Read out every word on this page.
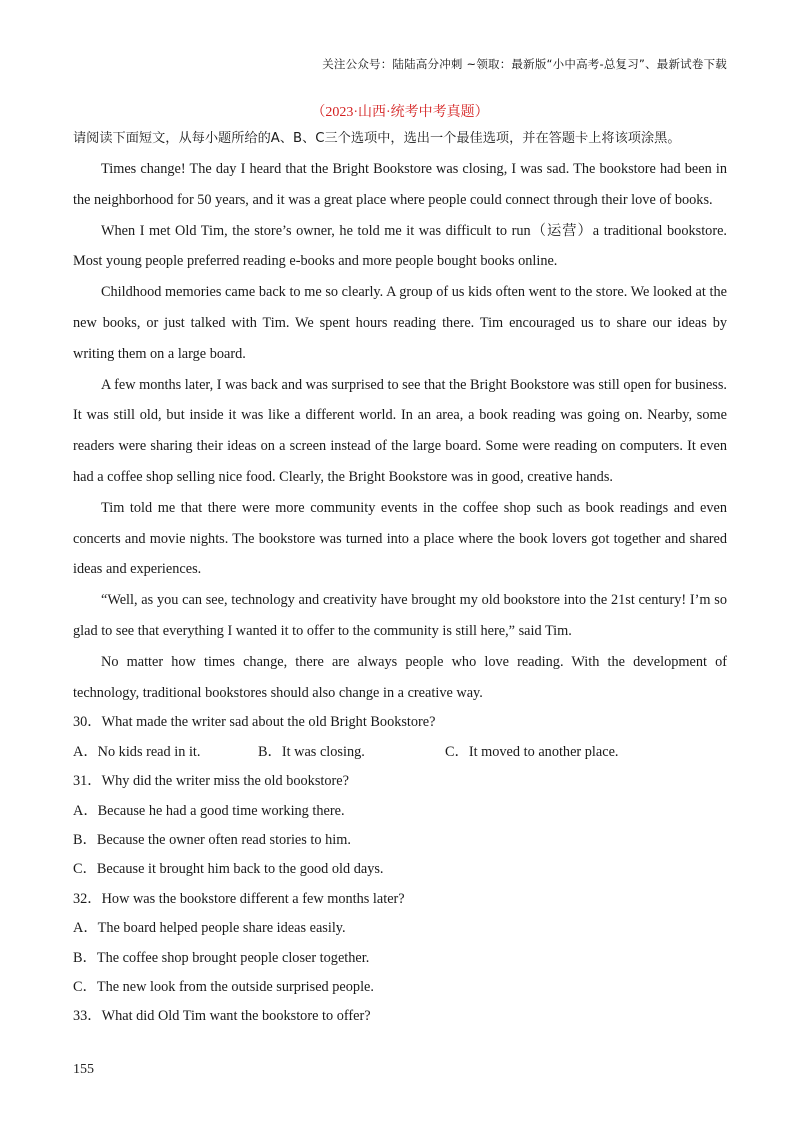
关注公众号：陆陆高分冲刺 ~领取：最新版“小中高考-总复习”、最新试卷下载
（2023·山西·统考中考真题）

请阅读下面短文，从每小题所给的A、B、C三个选项中，选出一个最佳选项，并在答题卡上将该项涂黑。

Times change! The day I heard that the Bright Bookstore was closing, I was sad. The bookstore had been in the neighborhood for 50 years, and it was a great place where people could connect through their love of books.

When I met Old Tim, the store’s owner, he told me it was difficult to run（运营）a traditional bookstore. Most young people preferred reading e-books and more people bought books online.

Childhood memories came back to me so clearly. A group of us kids often went to the store. We looked at the new books, or just talked with Tim. We spent hours reading there. Tim encouraged us to share our ideas by writing them on a large board.

A few months later, I was back and was surprised to see that the Bright Bookstore was still open for business. It was still old, but inside it was like a different world. In an area, a book reading was going on. Nearby, some readers were sharing their ideas on a screen instead of the large board. Some were reading on computers. It even had a coffee shop selling nice food. Clearly, the Bright Bookstore was in good, creative hands.

Tim told me that there were more community events in the coffee shop such as book readings and even concerts and movie nights. The bookstore was turned into a place where the book lovers got together and shared ideas and experiences.

“Well, as you can see, technology and creativity have brought my old bookstore into the 21st century! I’m so glad to see that everything I wanted it to offer to the community is still here,” said Tim.

No matter how times change, there are always people who love reading. With the development of technology, traditional bookstores should also change in a creative way.

30．What made the writer sad about the old Bright Bookstore?

A．No kids read in it.	B．It was closing.	C．It moved to another place.

31．Why did the writer miss the old bookstore?

A．Because he had a good time working there.

B．Because the owner often read stories to him.

C．Because it brought him back to the good old days.

32．How was the bookstore different a few months later?

A．The board helped people share ideas easily.

B．The coffee shop brought people closer together.

C．The new look from the outside surprised people.

33．What did Old Tim want the bookstore to offer?

155
